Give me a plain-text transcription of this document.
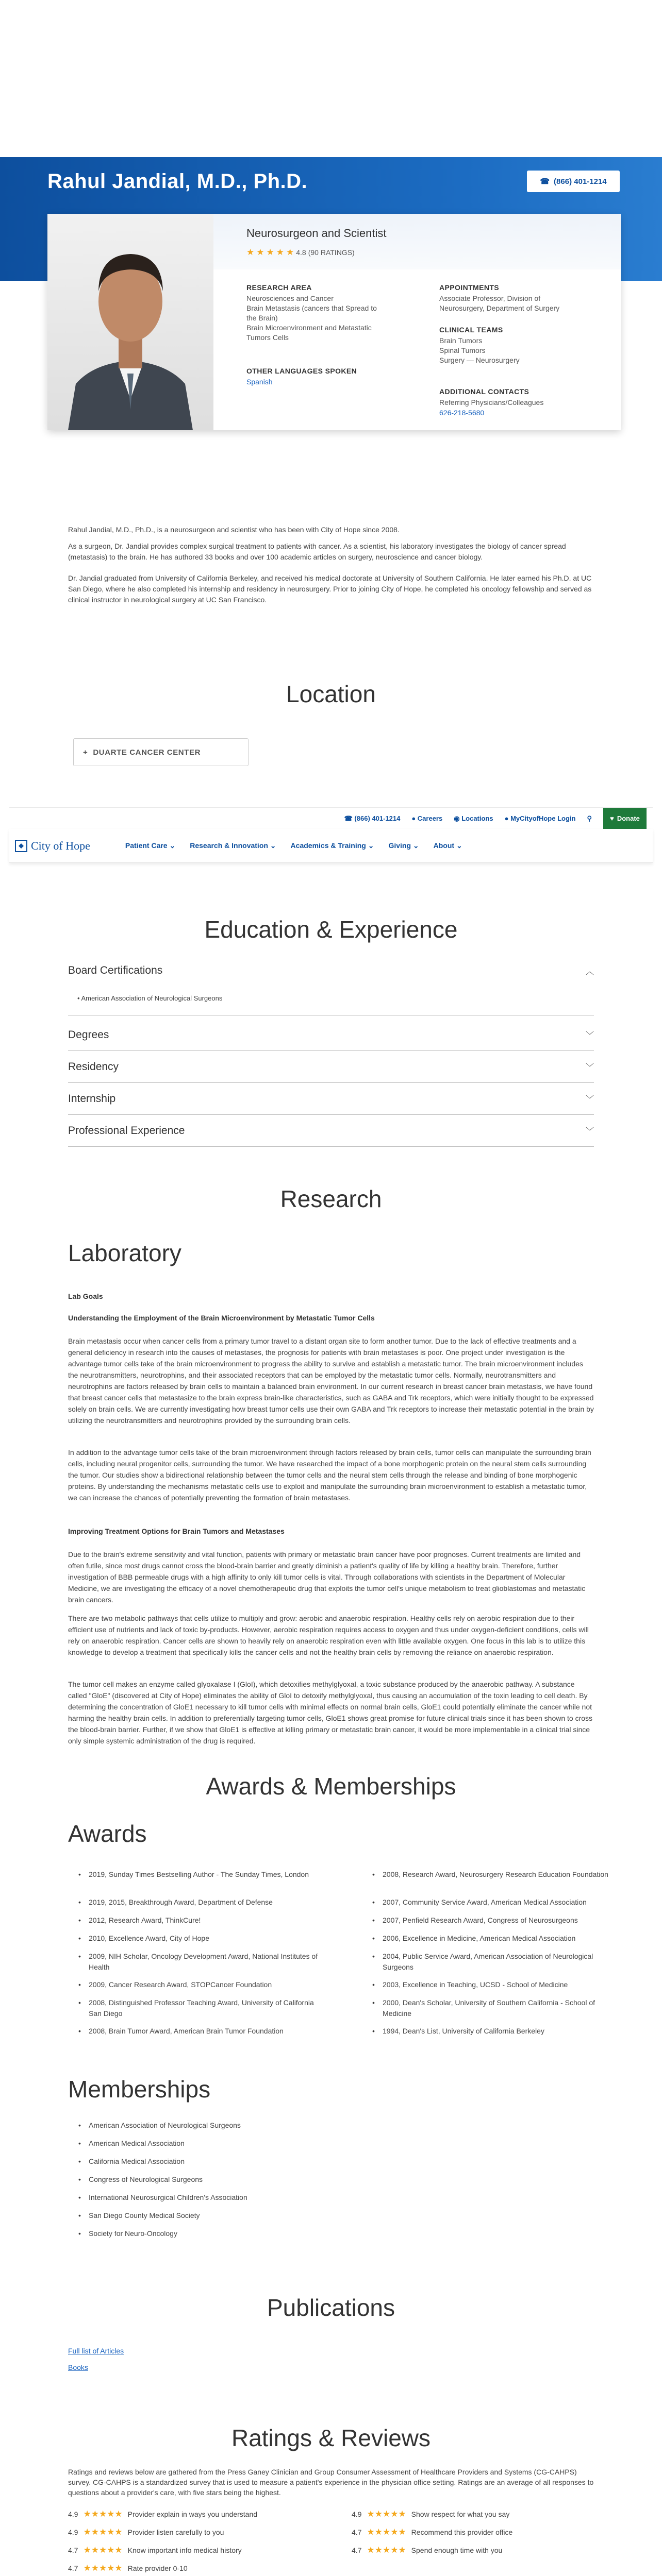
Rahul Jandial, M.D., Ph.D.	☎ (866) 401-1214
Neurosurgeon and Scientist
★ ★ ★ ★ ★ 4.8 (90 RATINGS)
RESEARCH AREA
Neurosciences and Cancer
Brain Metastasis (cancers that Spread to the Brain)
Brain Microenvironment and Metastatic Tumors Cells
OTHER LANGUAGES SPOKEN
Spanish
APPOINTMENTS
Associate Professor, Division of
Neurosurgery, Department of Surgery
CLINICAL TEAMS
Brain Tumors
Spinal Tumors
Surgery — Neurosurgery
ADDITIONAL CONTACTS
Referring Physicians/Colleagues
626-218-5680
Rahul Jandial, M.D., Ph.D., is a neurosurgeon and scientist who has been with City of Hope since 2008.
As a surgeon, Dr. Jandial provides complex surgical treatment to patients with cancer. As a scientist, his laboratory investigates the biology of cancer spread (metastasis) to the brain. He has authored 33 books and over 100 academic articles on surgery, neuroscience and cancer biology.
Dr. Jandial graduated from University of California Berkeley, and received his medical doctorate at University of Southern California. He later earned his Ph.D. at UC San Diego, where he also completed his internship and residency in neurosurgery. Prior to joining City of Hope, he completed his oncology fellowship and served as clinical instructor in neurological surgery at UC San Francisco.
Location
+ DUARTE CANCER CENTER
☎ (866) 401-1214 ● Careers ◉ Locations ● MyCityofHope Login ⚲	♥ Donate
City of Hope	Patient Care ⌄ Research & Innovation ⌄ Academics & Training ⌄ Giving ⌄ About ⌄
Education & Experience
Board Certifications	︿
• American Association of Neurological Surgeons
Degrees	﹀
Residency	﹀
Internship	﹀
Professional Experience	﹀
Research
Laboratory
Lab Goals
Understanding the Employment of the Brain Microenvironment by Metastatic Tumor Cells
Brain metastasis occur when cancer cells from a primary tumor travel to a distant organ site to form another tumor. Due to the lack of effective treatments and a general deficiency in research into the causes of metastases, the prognosis for patients with brain metastases is poor. One project under investigation is the advantage tumor cells take of the brain microenvironment to progress the ability to survive and establish a metastatic tumor. The brain microenvironment includes the neurotransmitters, neurotrophins, and their associated receptors that can be employed by the metastatic tumor cells. Normally, neurotransmitters and neurotrophins are factors released by brain cells to maintain a balanced brain environment. In our current research in breast cancer brain metastasis, we have found that breast cancer cells that metastasize to the brain express brain-like characteristics, such as GABA and Trk receptors, which were initially thought to be expressed solely on brain cells. We are currently investigating how breast tumor cells use their own GABA and Trk receptors to increase their metastatic potential in the brain by utilizing the neurotransmitters and neurotrophins provided by the surrounding brain cells.
In addition to the advantage tumor cells take of the brain microenvironment through factors released by brain cells, tumor cells can manipulate the surrounding brain cells, including neural progenitor cells, surrounding the tumor. We have researched the impact of a bone morphogenic protein on the neural stem cells surrounding the tumor. Our studies show a bidirectional relationship between the tumor cells and the neural stem cells through the release and binding of bone morphogenic proteins. By understanding the mechanisms metastatic cells use to exploit and manipulate the surrounding brain microenvironment to establish a metastatic tumor, we can increase the chances of potentially preventing the formation of brain metastases.
Improving Treatment Options for Brain Tumors and Metastases
Due to the brain's extreme sensitivity and vital function, patients with primary or metastatic brain cancer have poor prognoses. Current treatments are limited and often futile, since most drugs cannot cross the blood-brain barrier and greatly diminish a patient's quality of life by killing a healthy brain. Therefore, further investigation of BBB permeable drugs with a high affinity to only kill tumor cells is vital. Through collaborations with scientists in the Department of Molecular Medicine, we are investigating the efficacy of a novel chemotherapeutic drug that exploits the tumor cell's unique metabolism to treat glioblastomas and metastatic brain cancers.
There are two metabolic pathways that cells utilize to multiply and grow: aerobic and anaerobic respiration. Healthy cells rely on aerobic respiration due to their efficient use of nutrients and lack of toxic by-products. However, aerobic respiration requires access to oxygen and thus under oxygen-deficient conditions, cells will rely on anaerobic respiration. Cancer cells are shown to heavily rely on anaerobic respiration even with little available oxygen. One focus in this lab is to utilize this knowledge to develop a treatment that specifically kills the cancer cells and not the healthy brain cells by removing the reliance on anaerobic respiration.
The tumor cell makes an enzyme called glyoxalase I (GloI), which detoxifies methylglyoxal, a toxic substance produced by the anaerobic pathway. A substance called "GloE" (discovered at City of Hope) eliminates the ability of GloI to detoxify methylglyoxal, thus causing an accumulation of the toxin leading to cell death. By determining the concentration of GloE1 necessary to kill tumor cells with minimal effects on normal brain cells, GloE1 could potentially eliminate the cancer while not harming the healthy brain cells. In addition to preferentially targeting tumor cells, GloE1 shows great promise for future clinical trials since it has been shown to cross the blood-brain barrier. Further, if we show that GloE1 is effective at killing primary or metastatic brain cancer, it would be more implementable in a clinical trial since only simple systemic administration of the drug is required.
Awards & Memberships
Awards
• 2019, Sunday Times Bestselling Author - The Sunday Times, London
• 2019, 2015, Breakthrough Award, Department of Defense
• 2012, Research Award, ThinkCure!
• 2010, Excellence Award, City of Hope
• 2009, NIH Scholar, Oncology Development Award, National Institutes of Health
• 2009, Cancer Research Award, STOPCancer Foundation
• 2008, Distinguished Professor Teaching Award, University of California San Diego
• 2008, Brain Tumor Award, American Brain Tumor Foundation
• 2008, Research Award, Neurosurgery Research Education Foundation
• 2007, Community Service Award, American Medical Association
• 2007, Penfield Research Award, Congress of Neurosurgeons
• 2006, Excellence in Medicine, American Medical Association
• 2004, Public Service Award, American Association of Neurological Surgeons
• 2003, Excellence in Teaching, UCSD - School of Medicine
• 2000, Dean's Scholar, University of Southern California - School of Medicine
• 1994, Dean's List, University of California Berkeley
Memberships
• American Association of Neurological Surgeons
• American Medical Association
• California Medical Association
• Congress of Neurological Surgeons
• International Neurosurgical Children's Association
• San Diego County Medical Society
• Society for Neuro-Oncology
Publications
Full list of Articles
Books
Ratings & Reviews
Ratings and reviews below are gathered from the Press Ganey Clinician and Group Consumer Assessment of Healthcare Providers and Systems (CG-CAHPS) survey. CG-CAHPS is a standardized survey that is used to measure a patient's experience in the physician office setting. Ratings are an average of all responses to questions about a provider's care, with five stars being the highest.
4.9 ★★★★★ Provider explain in ways you understand
4.9 ★★★★★ Provider listen carefully to you
4.7 ★★★★★ Know important info medical history
4.7 ★★★★★ Rate provider 0-10
4.9 ★★★★★ Show respect for what you say
4.7 ★★★★★ Recommend this provider office
4.7 ★★★★★ Spend enough time with you
